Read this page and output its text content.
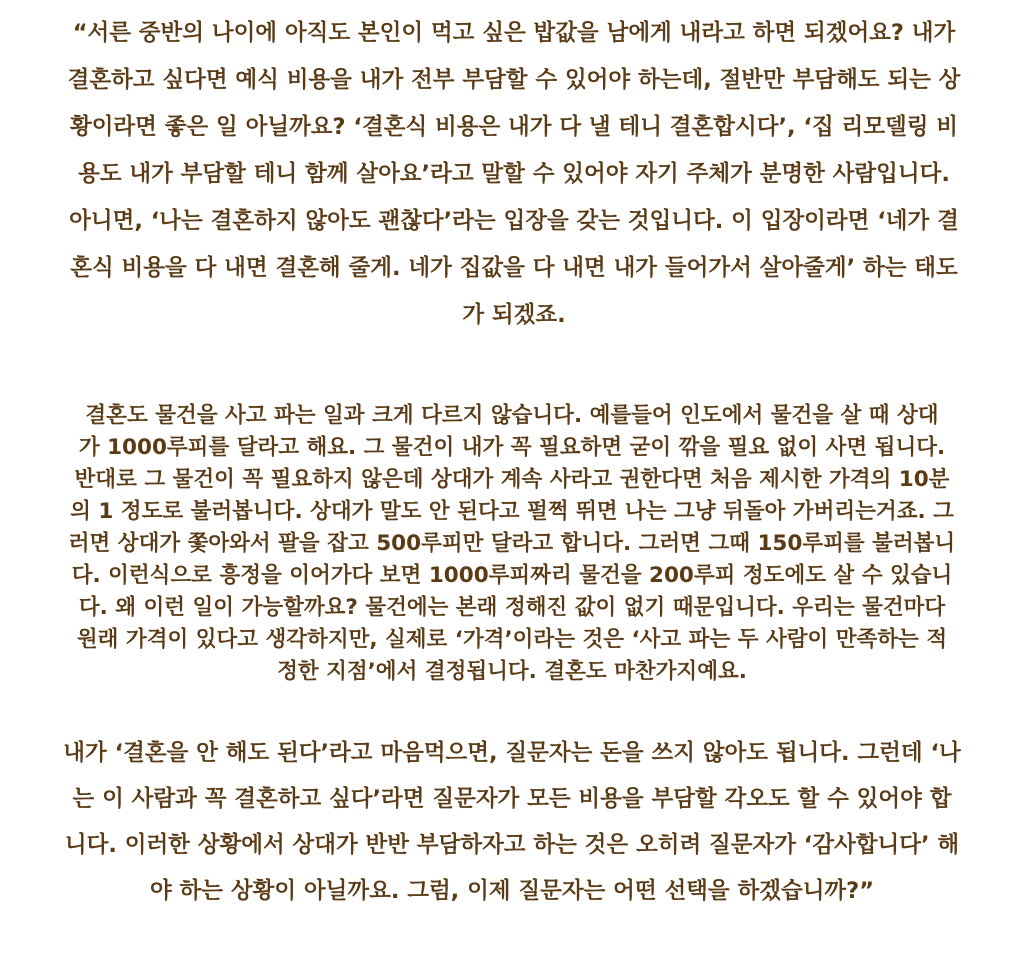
“서른 중반의 나이에 아직도 본인이 먹고 싶은 밥값을 남에게 내라고 하면 되겠어요? 내가
결혼하고 싶다면 예식 비용을 내가 전부 부담할 수 있어야 하는데, 절반만 부담해도 되는 상
황이라면 좋은 일 아닐까요? ‘결혼식 비용은 내가 다 낼 테니 결혼합시다’, ‘집 리모델링 비
용도 내가 부담할 테니 함께 살아요’라고 말할 수 있어야 자기 주체가 분명한 사람입니다.
아니면, ‘나는 결혼하지 않아도 괜찮다’라는 입장을 갖는 것입니다. 이 입장이라면 ‘네가 결
혼식 비용을 다 내면 결혼해 줄게. 네가 집값을 다 내면 내가 들어가서 살아줄게’ 하는 태도
가 되겠죠.

결혼도 물건을 사고 파는 일과 크게 다르지 않습니다. 예를들어 인도에서 물건을 살 때 상대
가 1000루피를 달라고 해요. 그 물건이 내가 꼭 필요하면 굳이 깎을 필요 없이 사면 됩니다.
반대로 그 물건이 꼭 필요하지 않은데 상대가 계속 사라고 권한다면 처음 제시한 가격의 10분
의 1 정도로 불러봅니다. 상대가 말도 안 된다고 펄쩍 뛰면 나는 그냥 뒤돌아 가버리는거죠. 그
러면 상대가 쫓아와서 팔을 잡고 500루피만 달라고 합니다. 그러면 그때 150루피를 불러봅니
다. 이런식으로 흥정을 이어가다 보면 1000루피짜리 물건을 200루피 정도에도 살 수 있습니
다. 왜 이런 일이 가능할까요? 물건에는 본래 정해진 값이 없기 때문입니다. 우리는 물건마다
원래 가격이 있다고 생각하지만, 실제로 ‘가격’이라는 것은 ‘사고 파는 두 사람이 만족하는 적
정한 지점’에서 결정됩니다. 결혼도 마찬가지예요.

내가 ‘결혼을 안 해도 된다’라고 마음먹으면, 질문자는 돈을 쓰지 않아도 됩니다. 그런데 ‘나
는 이 사람과 꼭 결혼하고 싶다’라면 질문자가 모든 비용을 부담할 각오도 할 수 있어야 합
니다. 이러한 상황에서 상대가 반반 부담하자고 하는 것은 오히려 질문자가 ‘감사합니다’ 해
야 하는 상황이 아닐까요. 그럼, 이제 질문자는 어떤 선택을 하겠습니까?”
